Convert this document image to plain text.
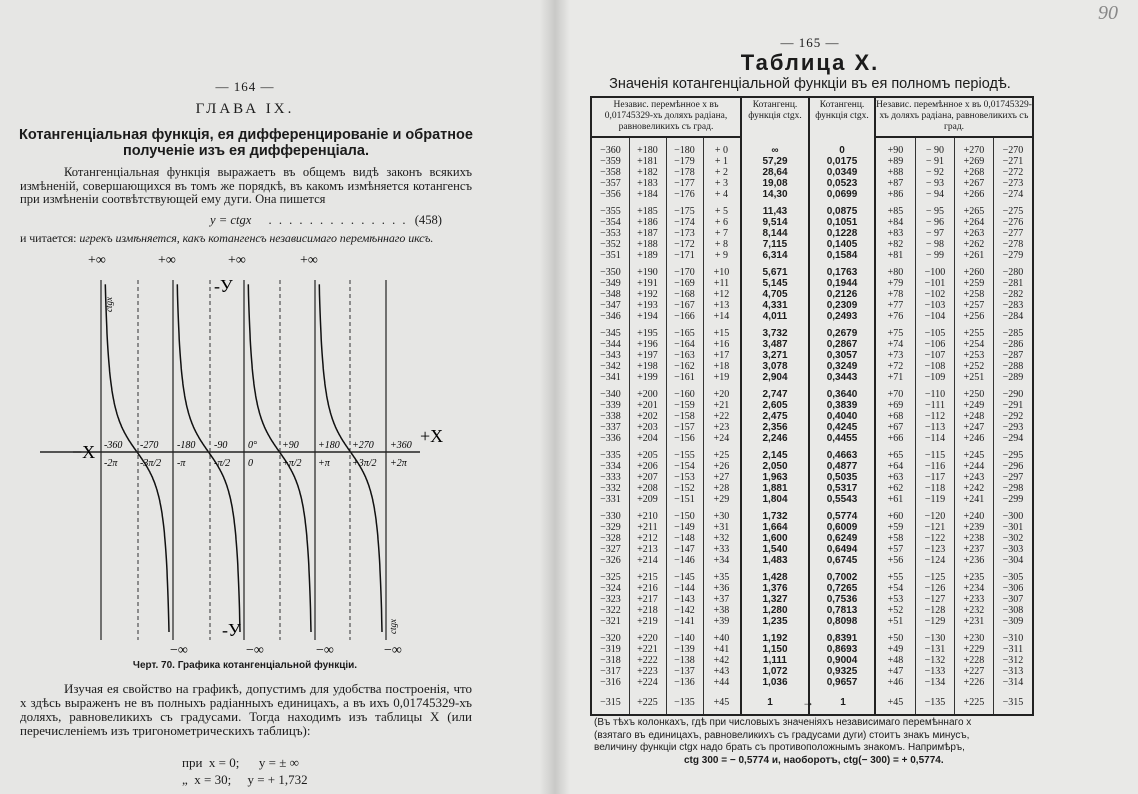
— 164 —
ГЛАВА IX.
Котангенціальная функція, ея дифференцированіе и обратное полученіе изъ ея дифференціала.
Котангенціальная функція выражаетъ въ общемъ видѣ законъ всякихъ измѣненій, совершающихся въ томъ же порядкѣ, въ какомъ измѣняется котангенсъ при измѣненіи соотвѣтствующей ему дуги. Она пишется
y = ctgx . . . . . . . . . . . . . . (458)
и читается: игрекъ измѣняется, какъ котангенсъ независимаго перемѣннаго иксъ.
+∞	+∞	+∞	+∞
−∞	−∞	−∞	−∞
-У
-У
−X
+X
ctgx
ctgx
-360 -270 -180 -90 0°	+90 +180 +270 +360
-2π -3π/2 -π	-π/2 0	+π/2 +π +3π/2 +2π
Черт. 70. Графика котангенціальной функціи.
Изучая ея свойство на графикѣ, допустимъ для удобства построенія, что x здѣсь выраженъ не въ полныхъ радіанныхъ единицахъ, а въ ихъ 0,01745329-хъ доляхъ, равновеликихъ съ градусами. Тогда находимъ изъ таблицы X (или перечисленіемъ изъ тригонометрическихъ таблицъ):
при  x = 0;      y = ± ∞
„  x = 30;     y = + 1,732
90
— 165 —
Таблица X.
Значенія котангенціальной функціи въ ея полномъ періодѣ.
Независ. перемѣнное x въ 0,01745329-хъ доляхъ радіана, равновеликихъ съ град.
Котангенц. функція ctgx.
Котангенц. функція ctgx.
Независ. перемѣнное x въ 0,01745329-хъ доляхъ радіана, равновеликихъ съ град.
→
−360	+180	−180	+ 0	∞	0	+90	− 90	+270	−270
−359	+181	−179	+ 1	57,29	0,0175	+89	− 91	+269	−271
−358	+182	−178	+ 2	28,64	0,0349	+88	− 92	+268	−272
−357	+183	−177	+ 3	19,08	0,0523	+87	− 93	+267	−273
−356	+184	−176	+ 4	14,30	0,0699	+86	− 94	+266	−274
−355	+185	−175	+ 5	11,43	0,0875	+85	− 95	+265	−275
−354	+186	−174	+ 6	9,514	0,1051	+84	− 96	+264	−276
−353	+187	−173	+ 7	8,144	0,1228	+83	− 97	+263	−277
−352	+188	−172	+ 8	7,115	0,1405	+82	− 98	+262	−278
−351	+189	−171	+ 9	6,314	0,1584	+81	− 99	+261	−279
−350	+190	−170	+10	5,671	0,1763	+80	−100	+260	−280
−349	+191	−169	+11	5,145	0,1944	+79	−101	+259	−281
−348	+192	−168	+12	4,705	0,2126	+78	−102	+258	−282
−347	+193	−167	+13	4,331	0,2309	+77	−103	+257	−283
−346	+194	−166	+14	4,011	0,2493	+76	−104	+256	−284
−345	+195	−165	+15	3,732	0,2679	+75	−105	+255	−285
−344	+196	−164	+16	3,487	0,2867	+74	−106	+254	−286
−343	+197	−163	+17	3,271	0,3057	+73	−107	+253	−287
−342	+198	−162	+18	3,078	0,3249	+72	−108	+252	−288
−341	+199	−161	+19	2,904	0,3443	+71	−109	+251	−289
−340	+200	−160	+20	2,747	0,3640	+70	−110	+250	−290
−339	+201	−159	+21	2,605	0,3839	+69	−111	+249	−291
−338	+202	−158	+22	2,475	0,4040	+68	−112	+248	−292
−337	+203	−157	+23	2,356	0,4245	+67	−113	+247	−293
−336	+204	−156	+24	2,246	0,4455	+66	−114	+246	−294
−335	+205	−155	+25	2,145	0,4663	+65	−115	+245	−295
−334	+206	−154	+26	2,050	0,4877	+64	−116	+244	−296
−333	+207	−153	+27	1,963	0,5035	+63	−117	+243	−297
−332	+208	−152	+28	1,881	0,5317	+62	−118	+242	−298
−331	+209	−151	+29	1,804	0,5543	+61	−119	+241	−299
−330	+210	−150	+30	1,732	0,5774	+60	−120	+240	−300
−329	+211	−149	+31	1,664	0,6009	+59	−121	+239	−301
−328	+212	−148	+32	1,600	0,6249	+58	−122	+238	−302
−327	+213	−147	+33	1,540	0,6494	+57	−123	+237	−303
−326	+214	−146	+34	1,483	0,6745	+56	−124	+236	−304
−325	+215	−145	+35	1,428	0,7002	+55	−125	+235	−305
−324	+216	−144	+36	1,376	0,7265	+54	−126	+234	−306
−323	+217	−143	+37	1,327	0,7536	+53	−127	+233	−307
−322	+218	−142	+38	1,280	0,7813	+52	−128	+232	−308
−321	+219	−141	+39	1,235	0,8098	+51	−129	+231	−309
−320	+220	−140	+40	1,192	0,8391	+50	−130	+230	−310
−319	+221	−139	+41	1,150	0,8693	+49	−131	+229	−311
−318	+222	−138	+42	1,111	0,9004	+48	−132	+228	−312
−317	+223	−137	+43	1,072	0,9325	+47	−133	+227	−313
−316	+224	−136	+44	1,036	0,9657	+46	−134	+226	−314
−315	+225	−135	+45	1	1	+45	−135	+225	−315
(Въ тѣхъ колонкахъ, гдѣ при числовыхъ значеніяхъ независимаго перемѣннаго x
(взятаго въ единицахъ, равновеликихъ съ градусами дуги) стоитъ знакъ минусъ,
величину функціи ctgx надо брать съ противоположнымъ знакомъ. Напримѣръ,
ctg 300 = − 0,5774 и, наоборотъ, ctg(− 300) = + 0,5774.
